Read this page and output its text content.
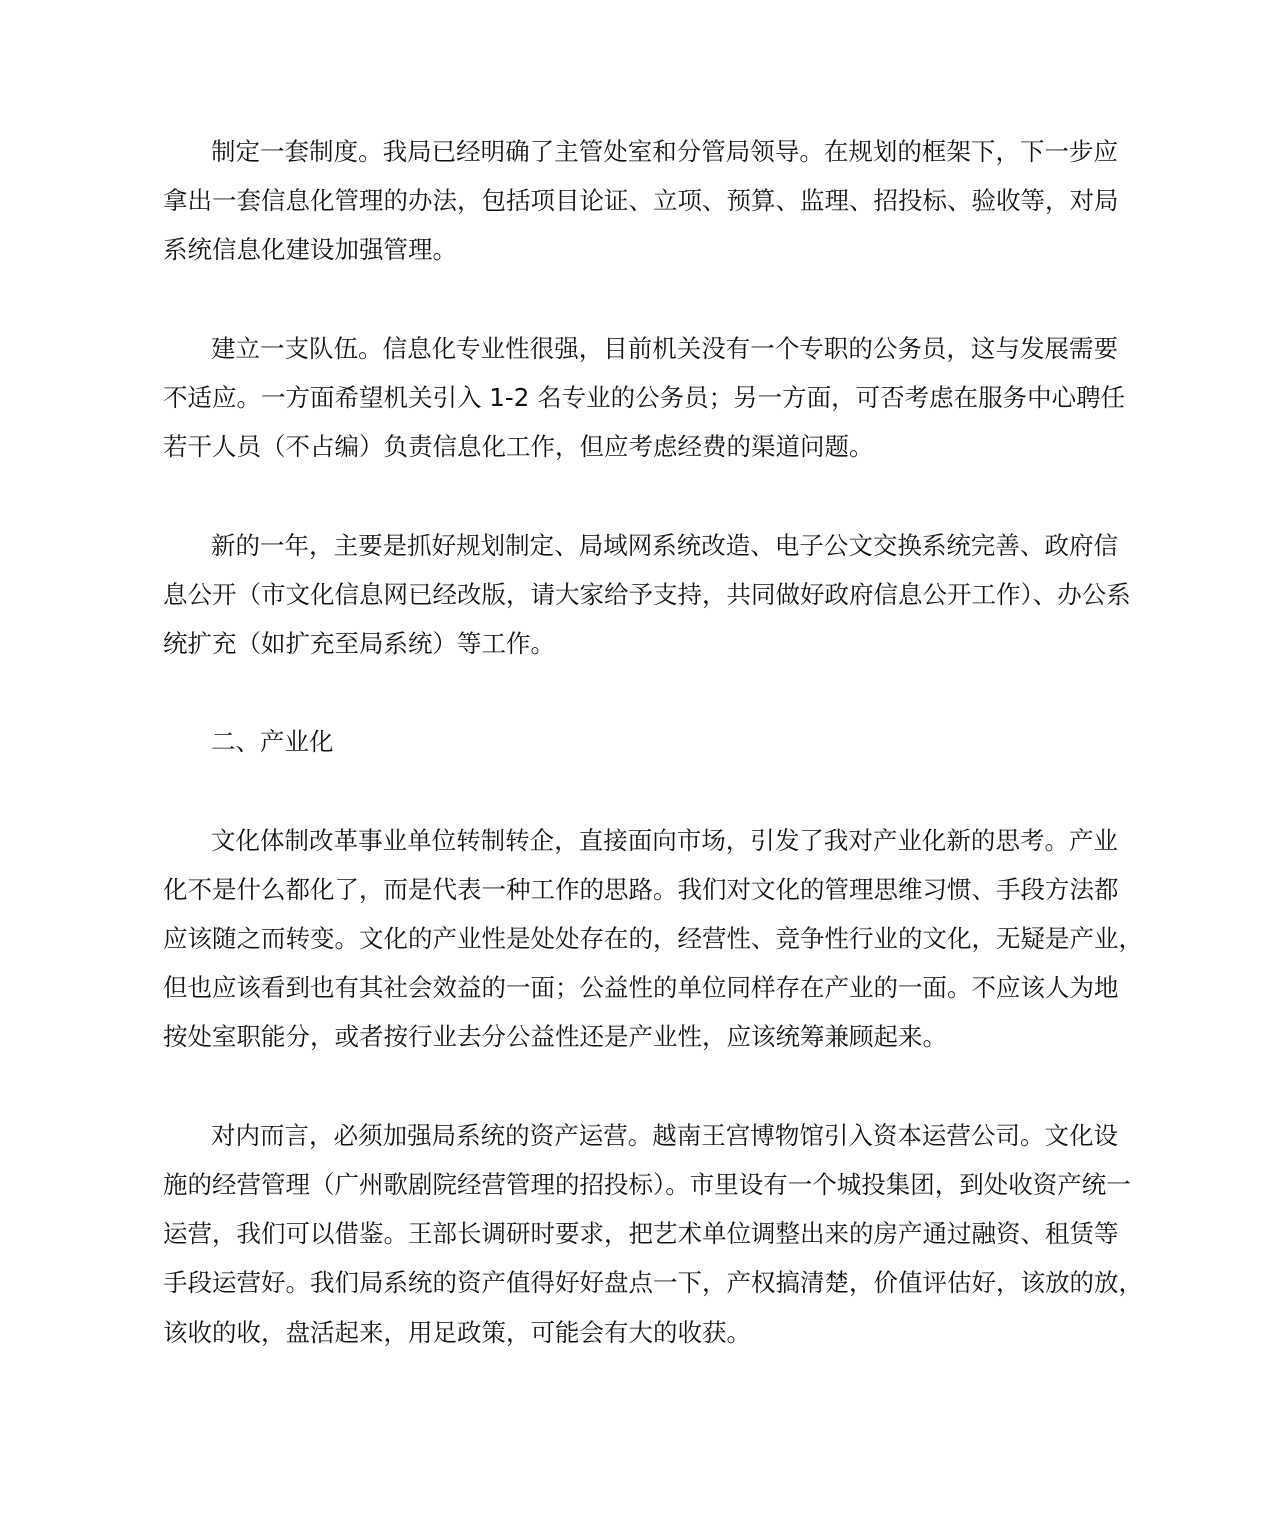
制定一套制度。我局已经明确了主管处室和分管局领导。在规划的框架下，下一步应
拿出一套信息化管理的办法，包括项目论证、立项、预算、监理、招投标、验收等，对局
系统信息化建设加强管理。
建立一支队伍。信息化专业性很强，目前机关没有一个专职的公务员，这与发展需要
不适应。一方面希望机关引入 1-2 名专业的公务员；另一方面，可否考虑在服务中心聘任
若干人员（不占编）负责信息化工作，但应考虑经费的渠道问题。
新的一年，主要是抓好规划制定、局域网系统改造、电子公文交换系统完善、政府信
息公开（市文化信息网已经改版，请大家给予支持，共同做好政府信息公开工作）、办公系
统扩充（如扩充至局系统）等工作。
二、产业化
文化体制改革事业单位转制转企，直接面向市场，引发了我对产业化新的思考。产业
化不是什么都化了，而是代表一种工作的思路。我们对文化的管理思维习惯、手段方法都
应该随之而转变。文化的产业性是处处存在的，经营性、竞争性行业的文化，无疑是产业，
但也应该看到也有其社会效益的一面；公益性的单位同样存在产业的一面。不应该人为地
按处室职能分，或者按行业去分公益性还是产业性，应该统筹兼顾起来。
对内而言，必须加强局系统的资产运营。越南王宫博物馆引入资本运营公司。文化设
施的经营管理（广州歌剧院经营管理的招投标）。市里设有一个城投集团，到处收资产统一
运营，我们可以借鉴。王部长调研时要求，把艺术单位调整出来的房产通过融资、租赁等
手段运营好。我们局系统的资产值得好好盘点一下，产权搞清楚，价值评估好，该放的放，
该收的收，盘活起来，用足政策，可能会有大的收获。
